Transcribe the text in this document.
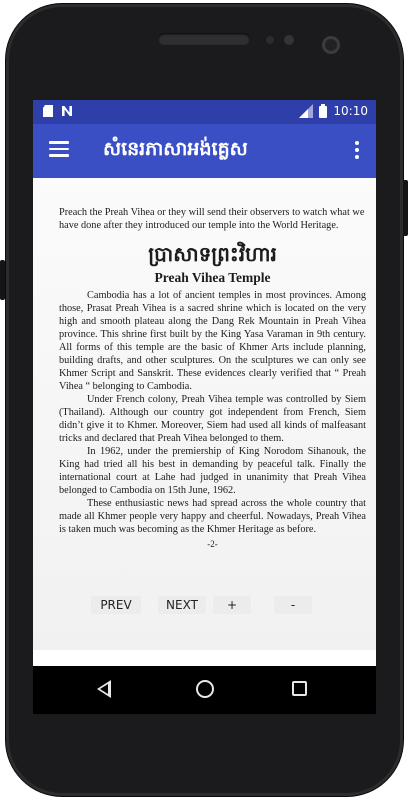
10:10
សំនេរភាសាអង់គ្លេស
Preach the Preah Vihea or they will send their observers to watch what we have done after they introduced our temple into the World Heritage.
ប្រាសាទព្រះវិហារ
Preah Vihea Temple

Cambodia has a lot of ancient temples in most provinces. Among those, Prasat Preah Vihea is a sacred shrine which is located on the very high and smooth plateau along the Dang Rek Mountain in Preah Vihea province. This shrine first built by the King Yasa Varaman in 9th century. All forms of this temple are the basic of Khmer Arts include planning, building drafts, and other sculptures. On the sculptures we can only see Khmer Script and Sanskrit. These evidences clearly verified that “ Preah Vihea “ belonging to Cambodia.

Under French colony, Preah Vihea temple was controlled by Siem (Thailand). Although our country got independent from French, Siem didn’t give it to Khmer. Moreover, Siem had used all kinds of malfeasant tricks and declared that Preah Vihea belonged to them.

In 1962, under the premiership of King Norodom Sihanouk, the King had tried all his best in demanding by peaceful talk. Finally the international court at Lahe had judged in unanimity that Preah Vihea belonged to Cambodia on 15th June, 1962.

These enthusiastic news had spread across the whole country that made all Khmer people very happy and cheerful. Nowadays, Preah Vihea is taken much was becoming as the Khmer Heritage as before.

-2-
PREV	NEXT	+	-
